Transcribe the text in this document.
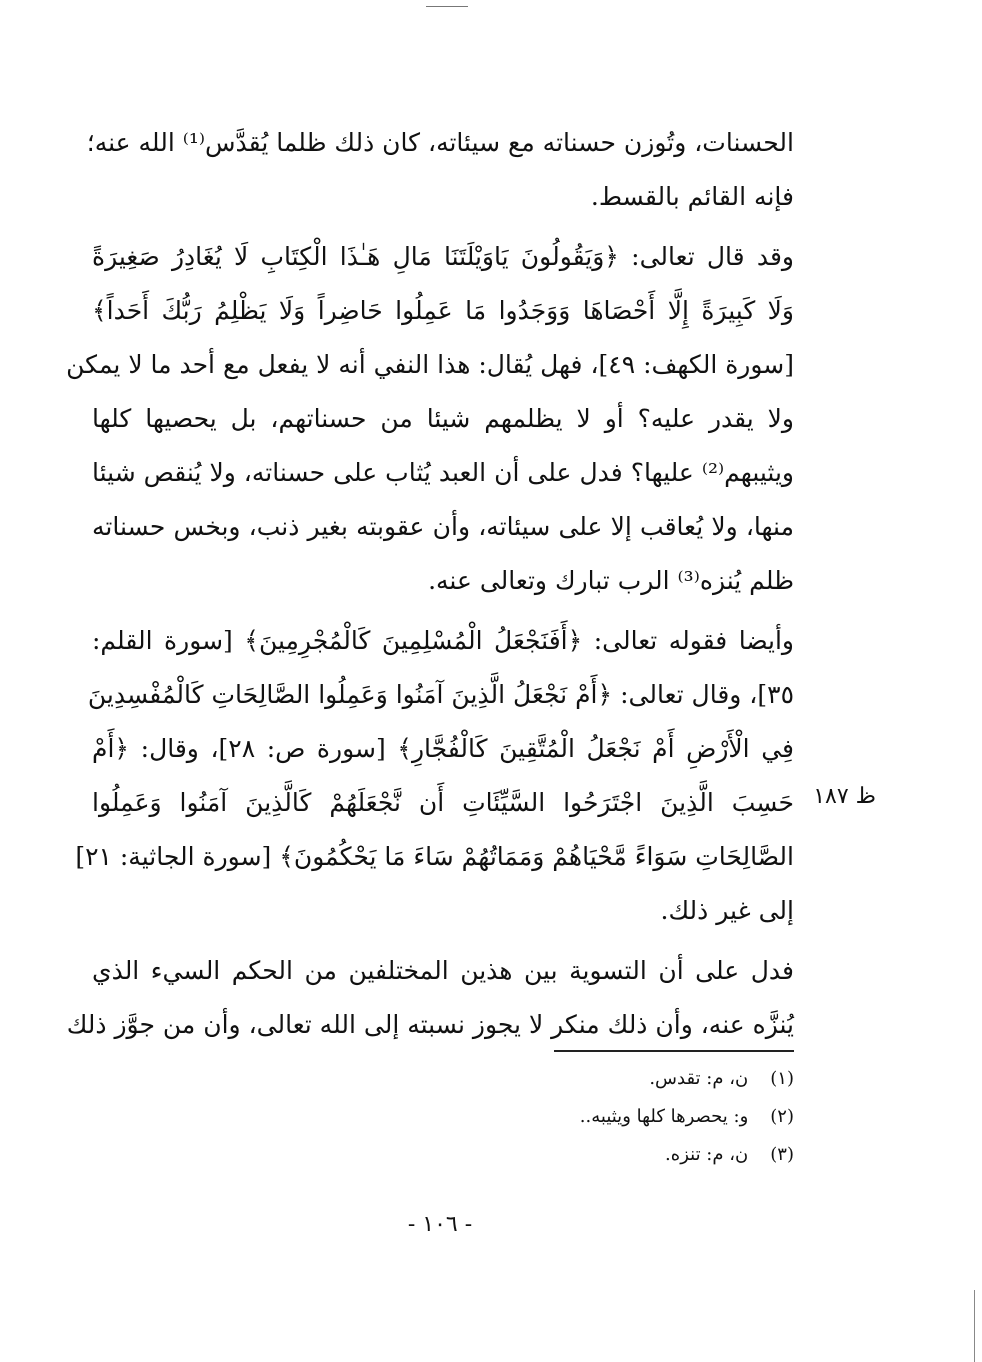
الحسنات، وتُوزن حسناته مع سيئاته، كان ذلك ظلما يُقدَّس⁽¹⁾ الله عنه؛
فإنه القائم بالقسط.
وقد قال تعالى: ﴿وَيَقُولُونَ يَاوَيْلَتَنَا مَالِ هَـٰذَا الْكِتَابِ لَا يُغَادِرُ صَغِيرَةً
وَلَا كَبِيرَةً إِلَّا أَحْصَاهَا وَوَجَدُوا مَا عَمِلُوا حَاضِراً وَلَا يَظْلِمُ رَبُّكَ أَحَداً﴾
[سورة الكهف: ٤٩]، فهل يُقال: هذا النفي أنه لا يفعل مع أحد ما لا يمكن
ولا يقدر عليه؟ أو لا يظلمهم شيئا من حسناتهم، بل يحصيها كلها
ويثيبهم⁽²⁾ عليها؟ فدل على أن العبد يُثاب على حسناته، ولا يُنقص شيئا
منها، ولا يُعاقب إلا على سيئاته، وأن عقوبته بغير ذنب، وبخس حسناته
ظلم يُنزه⁽³⁾ الرب تبارك وتعالى عنه.
وأيضا فقوله تعالى: ﴿أَفَنَجْعَلُ الْمُسْلِمِينَ كَالْمُجْرِمِينَ﴾ [سورة القلم:
٣٥]، وقال تعالى: ﴿أَمْ نَجْعَلُ الَّذِينَ آمَنُوا وَعَمِلُوا الصَّالِحَاتِ كَالْمُفْسِدِينَ
فِي الْأَرْضِ أَمْ نَجْعَلُ الْمُتَّقِينَ كَالْفُجَّارِ﴾ [سورة ص: ٢٨]، وقال: ﴿أَمْ
حَسِبَ الَّذِينَ اجْتَرَحُوا السَّيِّئَاتِ أَن نَّجْعَلَهُمْ كَالَّذِينَ آمَنُوا وَعَمِلُوا
الصَّالِحَاتِ سَوَاءً مَّحْيَاهُمْ وَمَمَاتُهُمْ سَاءَ مَا يَحْكُمُونَ﴾ [سورة الجاثية: ٢١]
إلى غير ذلك.
فدل على أن التسوية بين هذين المختلفين من الحكم السيء الذي
يُنزَّه عنه، وأن ذلك منكر لا يجوز نسبته إلى الله تعالى، وأن من جوَّز ذلك
ظ ١٨٧
(١) ن، م: تقدس.
(٢) و: يحصرها كلها ويثيبه..
(٣) ن، م: تنزه.
- ١٠٦ -
